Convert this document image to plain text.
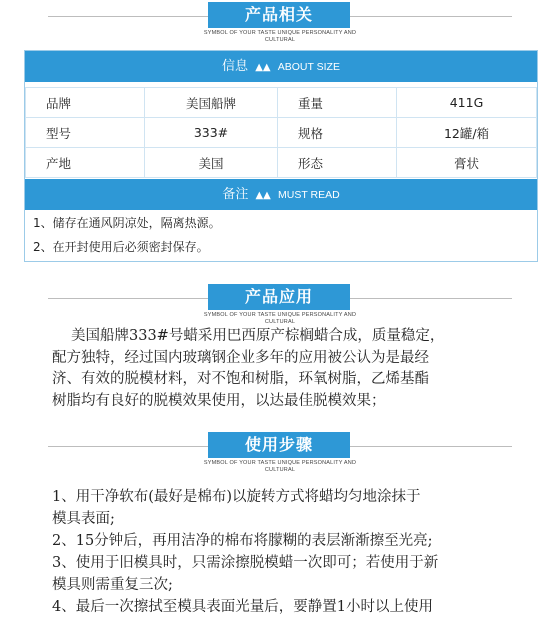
产品相关
SYMBOL OF YOUR TASTE UNIQUE PERSONALITY AND CULTURAL
信息 ▲▲ ABOUT SIZE
品牌	美国船牌	重量	411G
型号	333#	规格	12罐/箱
产地	美国	形态	膏状
备注 ▲▲ MUST READ
1、储存在通风阴凉处，隔离热源。
2、在开封使用后必须密封保存。
产品应用
SYMBOL OF YOUR TASTE UNIQUE PERSONALITY AND CULTURAL
美国船牌333#号蜡采用巴西原产棕榈蜡合成，质量稳定，
配方独特，经过国内玻璃钢企业多年的应用被公认为是最经
济、有效的脱模材料，对不饱和树脂，环氧树脂，乙烯基酯
树脂均有良好的脱模效果使用，以达最佳脱模效果；
使用步骤
SYMBOL OF YOUR TASTE UNIQUE PERSONALITY AND CULTURAL
1、用干净软布(最好是棉布)以旋转方式将蜡均匀地涂抹于
模具表面;
2、15分钟后，再用洁净的棉布将朦糊的表层渐渐擦至光亮;
3、使用于旧模具时，只需涂擦脱模蜡一次即可；若使用于新
模具则需重复三次;
4、最后一次擦拭至模具表面光量后，要静置1小时以上使用
